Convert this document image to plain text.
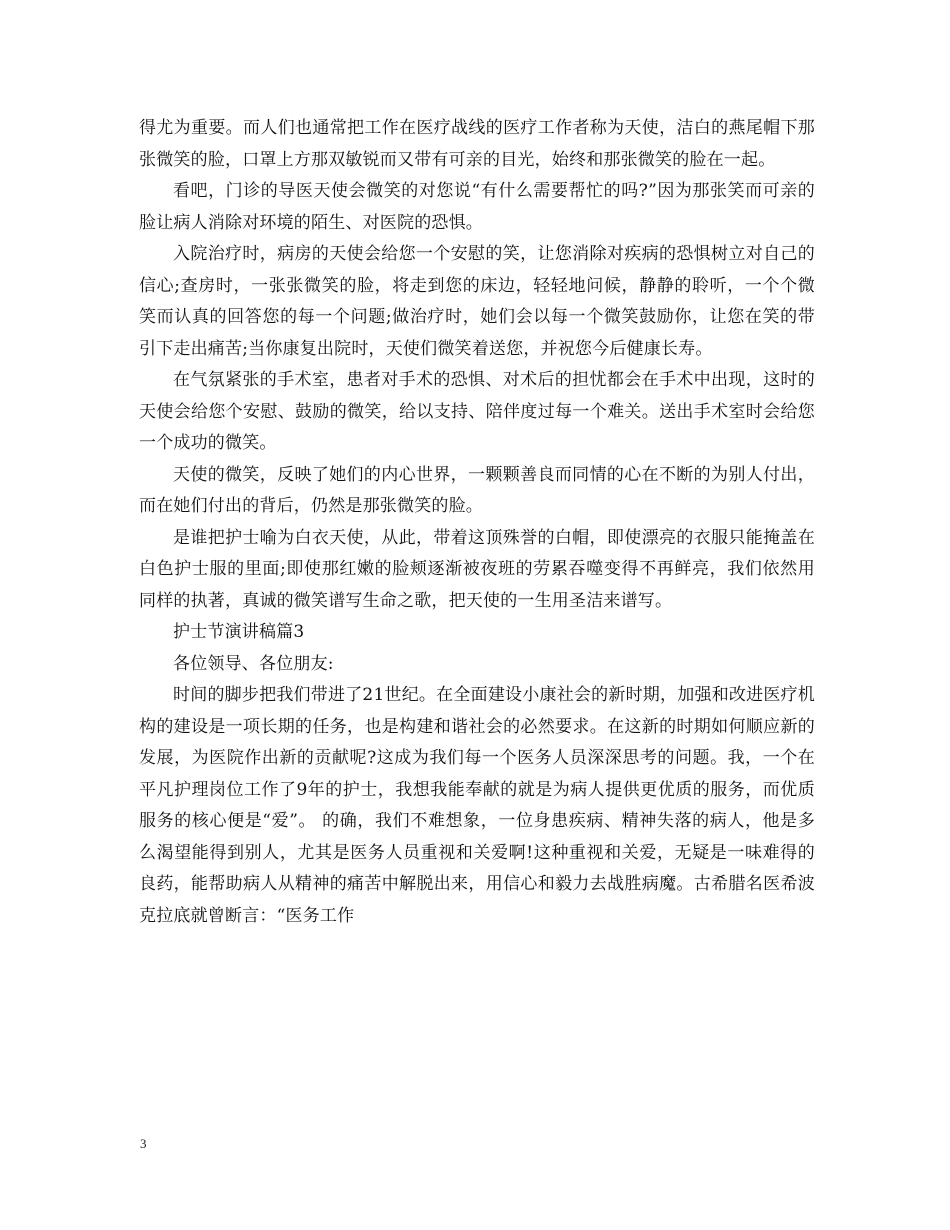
得尤为重要。而人们也通常把工作在医疗战线的医疗工作者称为天使，洁白的燕尾帽下那张微笑的脸，口罩上方那双敏锐而又带有可亲的目光，始终和那张微笑的脸在一起。

看吧，门诊的导医天使会微笑的对您说“有什么需要帮忙的吗?”因为那张笑而可亲的脸让病人消除对环境的陌生、对医院的恐惧。

入院治疗时，病房的天使会给您一个安慰的笑，让您消除对疾病的恐惧树立对自己的信心;查房时，一张张微笑的脸，将走到您的床边，轻轻地问候，静静的聆听，一个个微笑而认真的回答您的每一个问题;做治疗时，她们会以每一个微笑鼓励你，让您在笑的带引下走出痛苦;当你康复出院时，天使们微笑着送您，并祝您今后健康长寿。

在气氛紧张的手术室，患者对手术的恐惧、对术后的担忧都会在手术中出现，这时的天使会给您个安慰、鼓励的微笑，给以支持、陪伴度过每一个难关。送出手术室时会给您一个成功的微笑。

天使的微笑，反映了她们的内心世界，一颗颗善良而同情的心在不断的为别人付出，而在她们付出的背后，仍然是那张微笑的脸。

是谁把护士喻为白衣天使，从此，带着这顶殊誉的白帽，即使漂亮的衣服只能掩盖在白色护士服的里面;即使那红嫩的脸颊逐渐被夜班的劳累吞噬变得不再鲜亮，我们依然用同样的执著，真诚的微笑谱写生命之歌，把天使的一生用圣洁来谱写。

护士节演讲稿篇3

各位领导、各位朋友:

时间的脚步把我们带进了21世纪。在全面建设小康社会的新时期，加强和改进医疗机构的建设是一项长期的任务，也是构建和谐社会的必然要求。在这新的时期如何顺应新的发展，为医院作出新的贡献呢?这成为我们每一个医务人员深深思考的问题。我，一个在平凡护理岗位工作了9年的护士，我想我能奉献的就是为病人提供更优质的服务，而优质服务的核心便是“爱”。 的确，我们不难想象，一位身患疾病、精神失落的病人，他是多么渴望能得到别人，尤其是医务人员重视和关爱啊!这种重视和关爱，无疑是一味难得的良药，能帮助病人从精神的痛苦中解脱出来，用信心和毅力去战胜病魔。古希腊名医希波克拉底就曾断言：“医务工作

3
